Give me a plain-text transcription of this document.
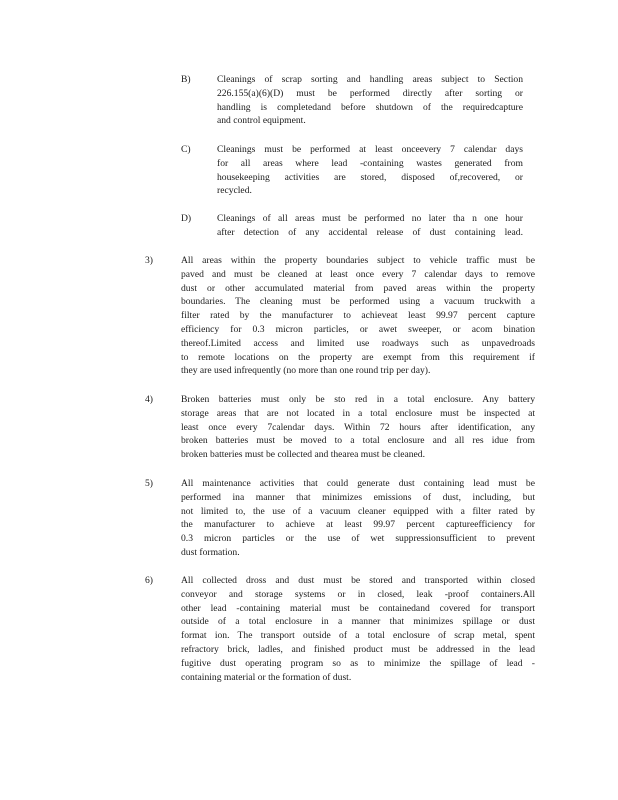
B)	Cleanings of scrap sorting and handling areas subject to Section
226.155(a)(6)(D) must be performed directly after sorting or
handling is completedand before shutdown of the requiredcapture
and control equipment.
C)	Cleanings must be performed at least onceevery 7 calendar days
for all areas where lead -containing wastes generated from
housekeeping activities are stored, disposed of,recovered, or
recycled.
D)	Cleanings of all areas must be performed no later tha n one hour
after detection of any accidental release of dust containing lead.
3)	All areas within the property boundaries subject to vehicle traffic must be
paved and must be cleaned at least once every 7 calendar days to remove
dust or other accumulated material from paved areas within the property
boundaries. The cleaning must be performed using a vacuum truckwith a
filter rated by the manufacturer to achieveat least 99.97 percent capture
efficiency for 0.3 micron particles, or awet sweeper, or acom bination
thereof.Limited access and limited use roadways such as unpavedroads
to remote locations on the property are exempt from this requirement if
they are used infrequently (no more than one round trip per day).
4)	Broken batteries must only be sto red in a total enclosure. Any battery
storage areas that are not located in a total enclosure must be inspected at
least once every 7calendar days. Within 72 hours after identification, any
broken batteries must be moved to a total enclosure and all res idue from
broken batteries must be collected and thearea must be cleaned.
5)	All maintenance activities that could generate dust containing lead must be
performed ina manner that minimizes emissions of dust, including, but
not limited to, the use of a vacuum cleaner equipped with a filter rated by
the manufacturer to achieve at least 99.97 percent captureefficiency for
0.3 micron particles or the use of wet suppressionsufficient to prevent
dust formation.
6)	All collected dross and dust must be stored and transported within closed
conveyor and storage systems or in closed, leak -proof containers.All
other lead -containing material must be containedand covered for transport
outside of a total enclosure in a manner that minimizes spillage or dust
format ion. The transport outside of a total enclosure of scrap metal, spent
refractory brick, ladles, and finished product must be addressed in the lead
fugitive dust operating program so as to minimize the spillage of lead -
containing material or the formation of dust.
